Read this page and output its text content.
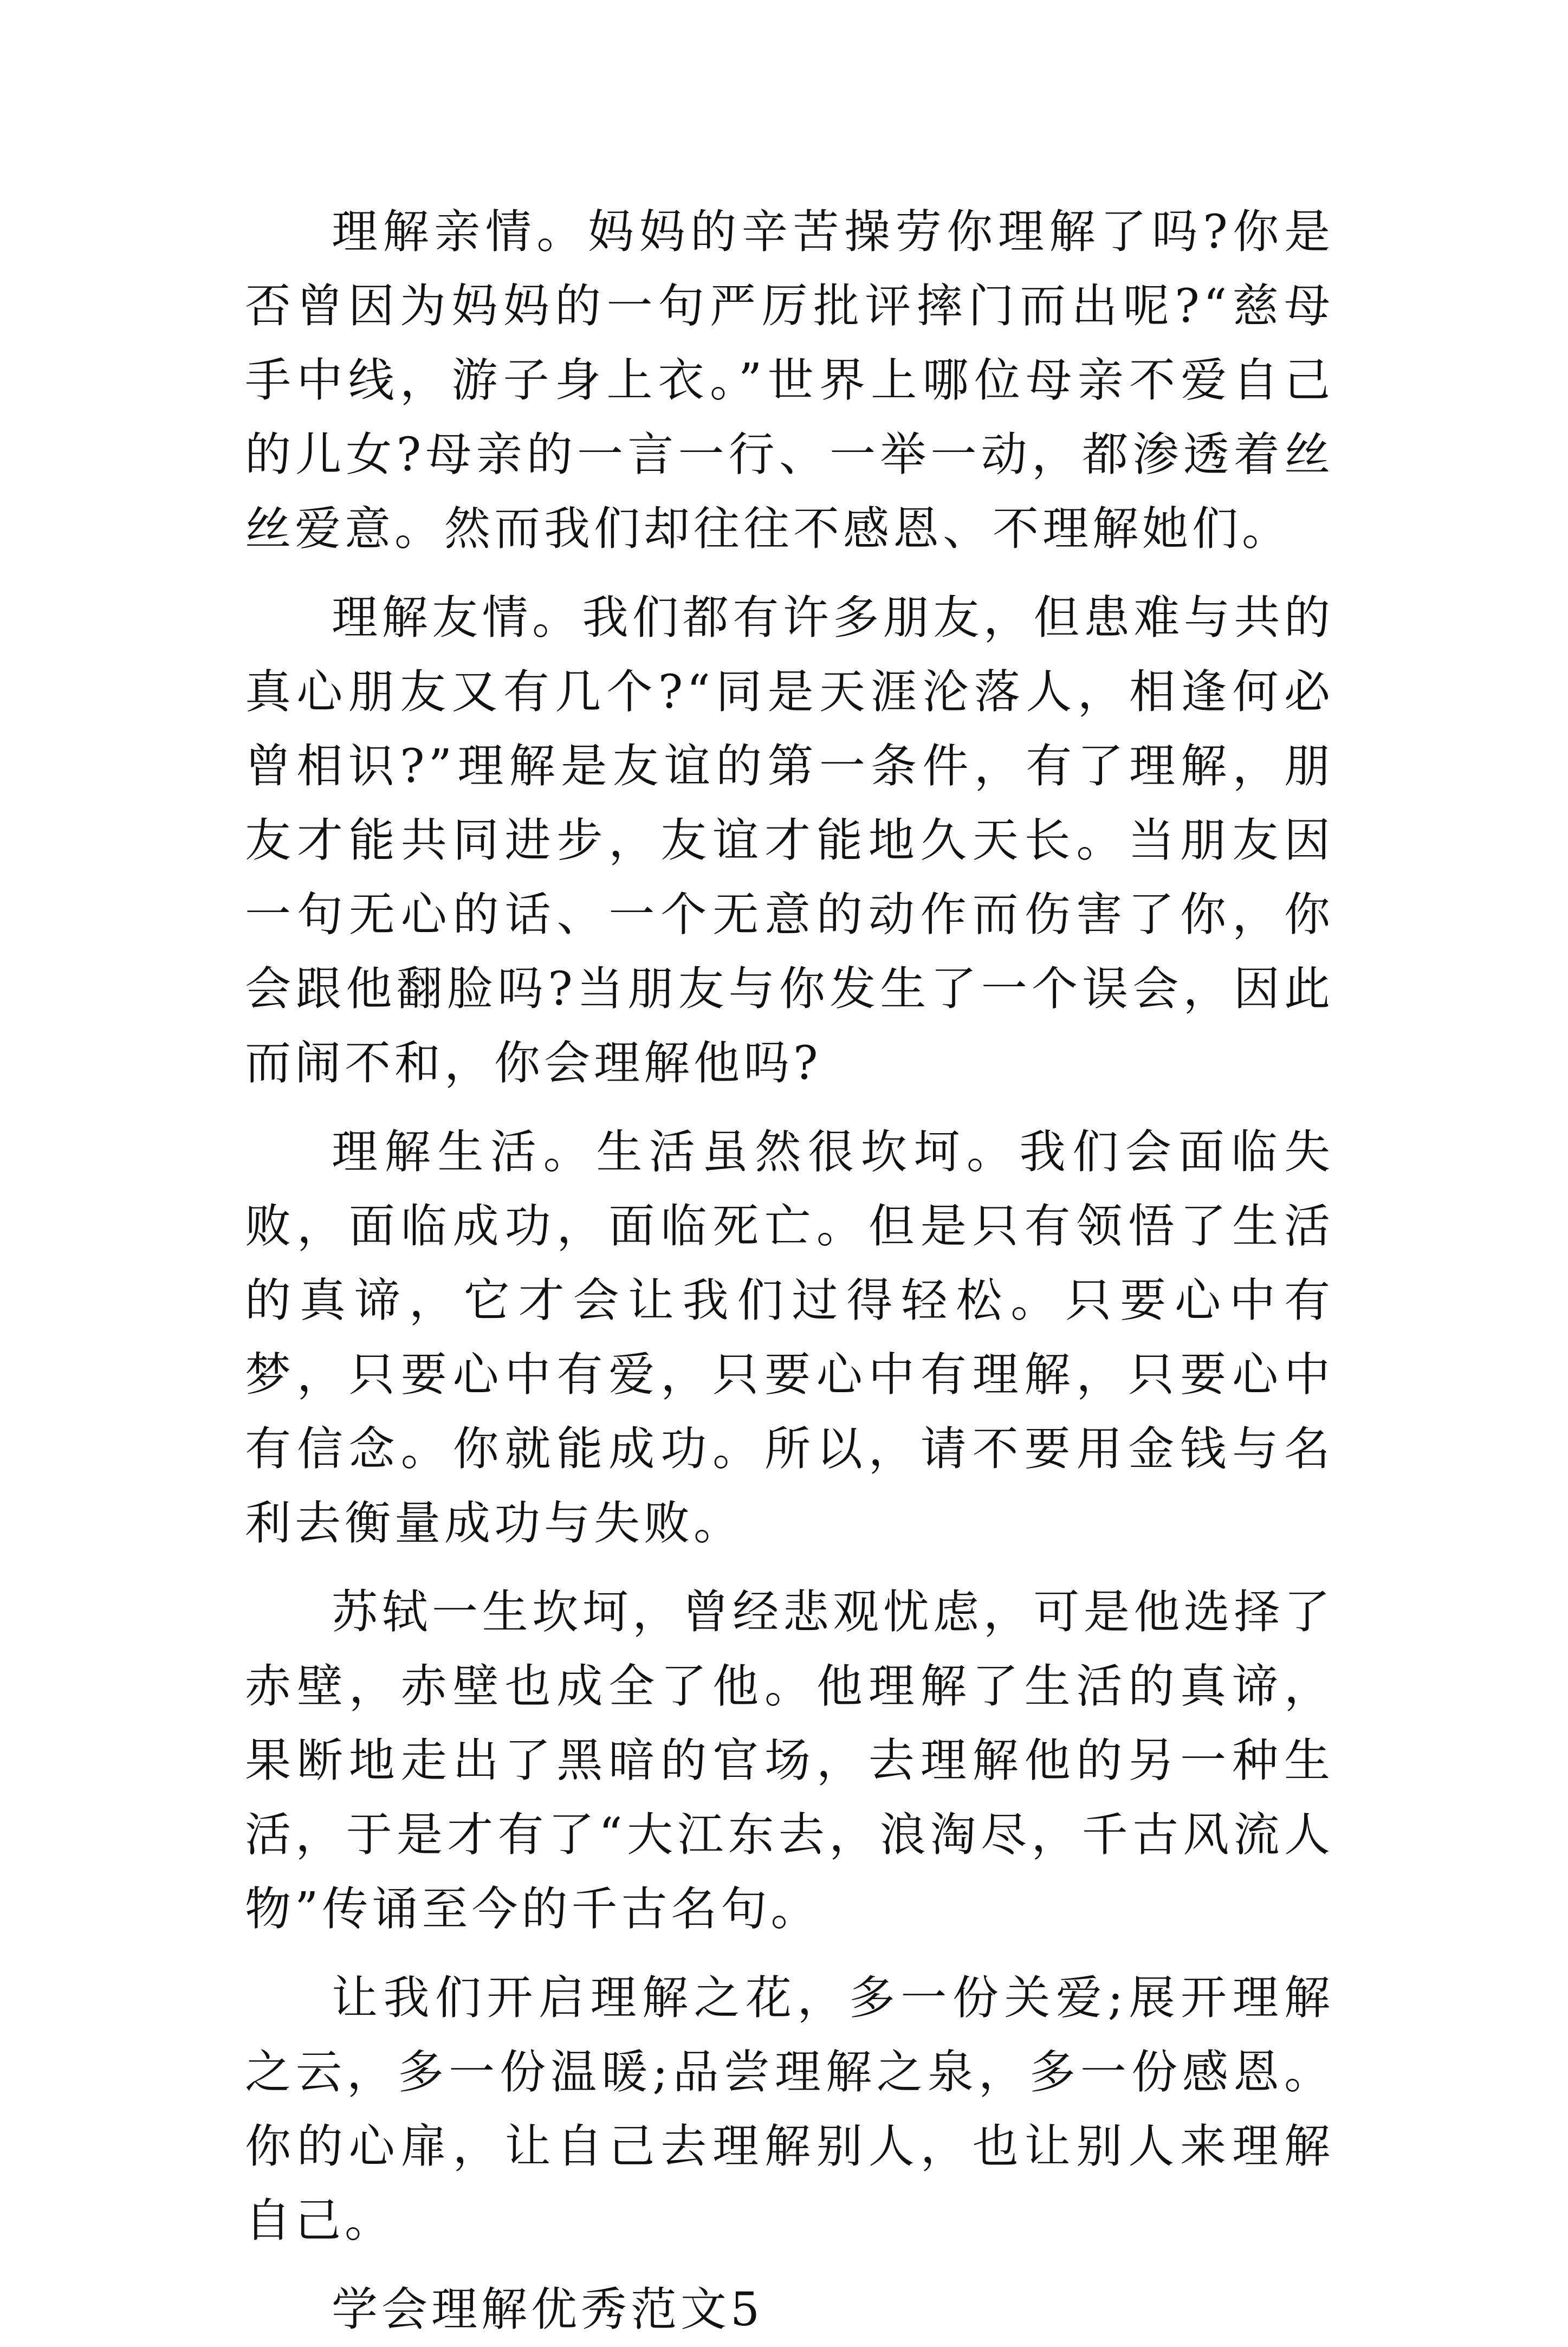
理解亲情。妈妈的辛苦操劳你理解了吗?你是否曾因为妈妈的一句严厉批评摔门而出呢?“慈母手中线，游子身上衣。”世界上哪位母亲不爱自己的儿女?母亲的一言一行、一举一动，都渗透着丝丝爱意。然而我们却往往不感恩、不理解她们。

理解友情。我们都有许多朋友，但患难与共的真心朋友又有几个?“同是天涯沦落人，相逢何必曾相识?”理解是友谊的第一条件，有了理解，朋友才能共同进步，友谊才能地久天长。当朋友因一句无心的话、一个无意的动作而伤害了你，你会跟他翻脸吗?当朋友与你发生了一个误会，因此而闹不和，你会理解他吗?

理解生活。生活虽然很坎坷。我们会面临失败，面临成功，面临死亡。但是只有领悟了生活的真谛，它才会让我们过得轻松。只要心中有梦，只要心中有爱，只要心中有理解，只要心中有信念。你就能成功。所以，请不要用金钱与名利去衡量成功与失败。

苏轼一生坎坷，曾经悲观忧虑，可是他选择了赤壁，赤壁也成全了他。他理解了生活的真谛，果断地走出了黑暗的官场，去理解他的另一种生活，于是才有了“大江东去，浪淘尽，千古风流人物”传诵至今的千古名句。

让我们开启理解之花，多一份关爱;展开理解之云，多一份温暖;品尝理解之泉，多一份感恩。你的心扉，让自己去理解别人，也让别人来理解自己。

学会理解优秀范文5
